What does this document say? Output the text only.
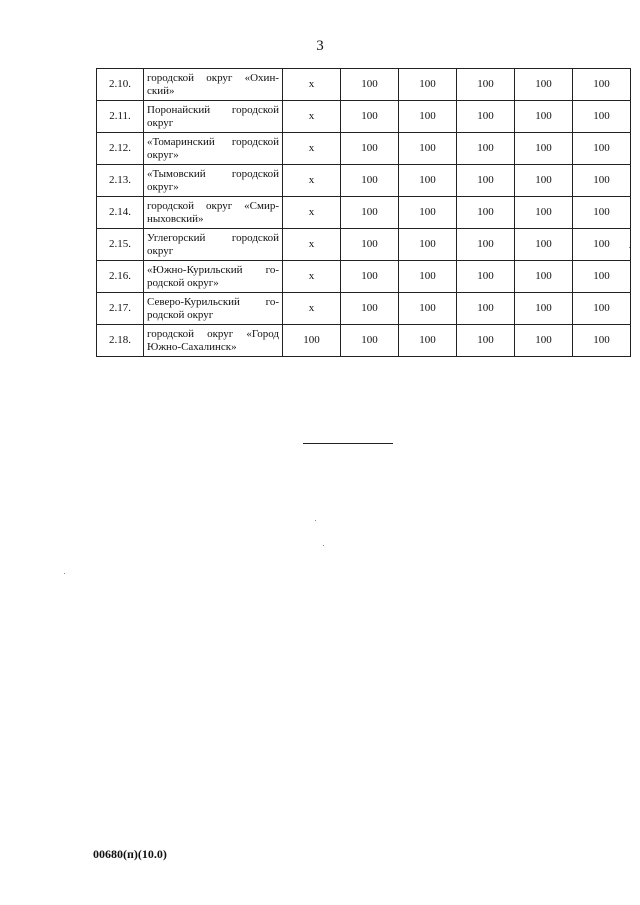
3
2.10.	городской округ «Охин-ский»	x	100	100	100	100	100
2.11.	Поронайский городской округ	x	100	100	100	100	100
2.12.	«Томаринский городской округ»	x	100	100	100	100	100
2.13.	«Тымовский городской округ»	x	100	100	100	100	100
2.14.	городской округ «Смир-ныховский»	x	100	100	100	100	100
2.15.	Углегорский городской округ	x	100	100	100	100	100
2.16.	«Южно-Курильский го-родской округ»	x	100	100	100	100	100
2.17.	Северо-Курильский го-родской округ	x	100	100	100	100	100
2.18.	городской округ «Город Южно-Сахалинск»	100	100	100	100	100	100
00680(п)(10.0)
